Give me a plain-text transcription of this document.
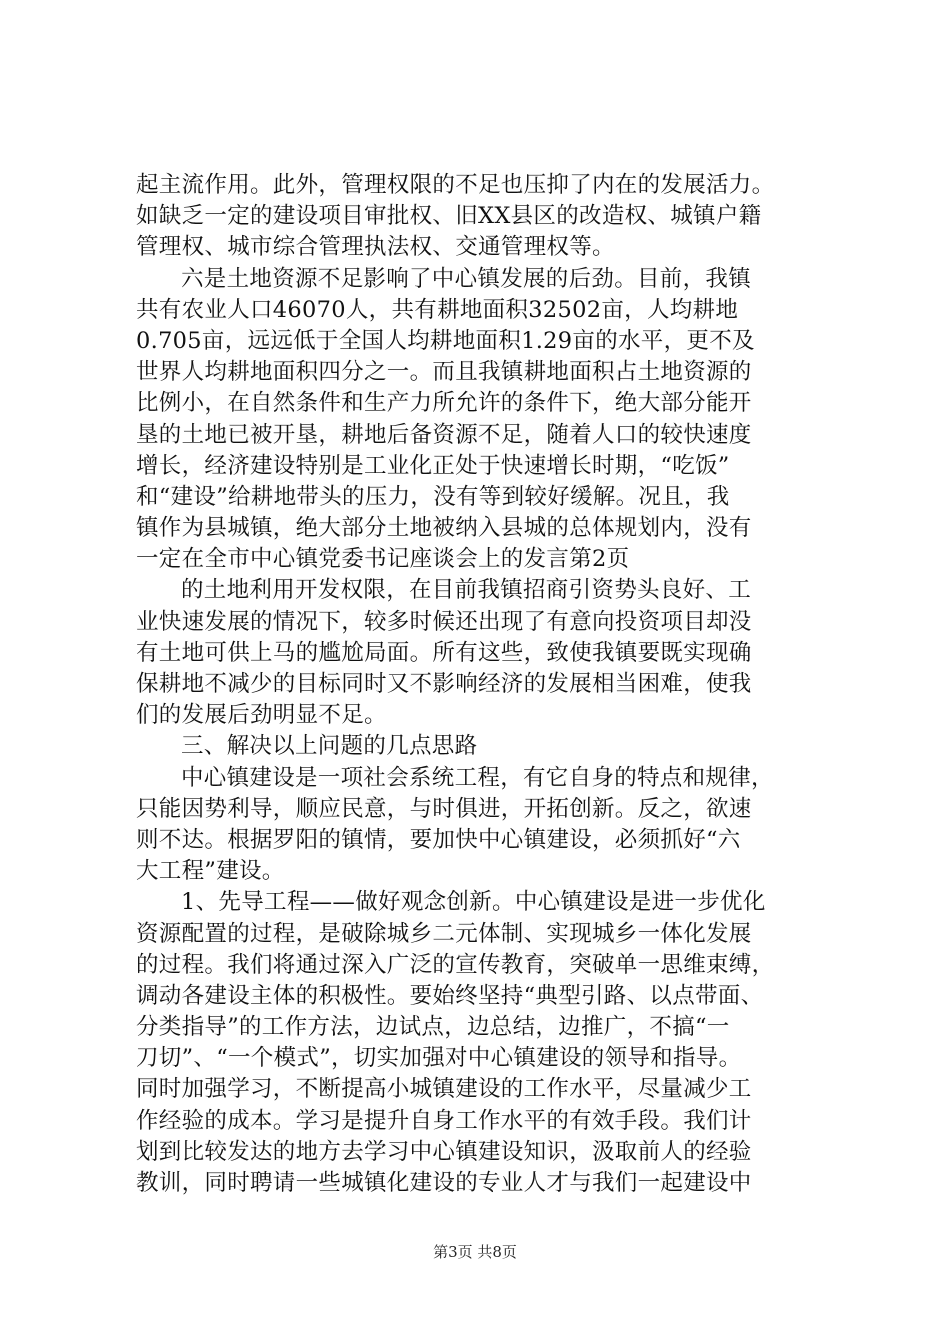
起主流作用。此外，管理权限的不足也压抑了内在的发展活力。
如缺乏一定的建设项目审批权、旧XX县区的改造权、城镇户籍
管理权、城市综合管理执法权、交通管理权等。
六是土地资源不足影响了中心镇发展的后劲。目前，我镇
共有农业人口46070人，共有耕地面积32502亩，人均耕地
0.705亩，远远低于全国人均耕地面积1.29亩的水平，更不及
世界人均耕地面积四分之一。而且我镇耕地面积占土地资源的
比例小，在自然条件和生产力所允许的条件下，绝大部分能开
垦的土地已被开垦，耕地后备资源不足，随着人口的较快速度
增长，经济建设特别是工业化正处于快速增长时期，“吃饭”
和“建设”给耕地带头的压力，没有等到较好缓解。况且，我
镇作为县城镇，绝大部分土地被纳入县城的总体规划内，没有
一定在全市中心镇党委书记座谈会上的发言第2页
的土地利用开发权限，在目前我镇招商引资势头良好、工
业快速发展的情况下，较多时候还出现了有意向投资项目却没
有土地可供上马的尴尬局面。所有这些，致使我镇要既实现确
保耕地不减少的目标同时又不影响经济的发展相当困难，使我
们的发展后劲明显不足。
三、解决以上问题的几点思路
中心镇建设是一项社会系统工程，有它自身的特点和规律，
只能因势利导，顺应民意，与时俱进，开拓创新。反之，欲速
则不达。根据罗阳的镇情，要加快中心镇建设，必须抓好“六
大工程”建设。
1、先导工程——做好观念创新。中心镇建设是进一步优化
资源配置的过程，是破除城乡二元体制、实现城乡一体化发展
的过程。我们将通过深入广泛的宣传教育，突破单一思维束缚，
调动各建设主体的积极性。要始终坚持“典型引路、以点带面、
分类指导”的工作方法，边试点，边总结，边推广，不搞“一
刀切”、“一个模式”，切实加强对中心镇建设的领导和指导。
同时加强学习，不断提高小城镇建设的工作水平，尽量减少工
作经验的成本。学习是提升自身工作水平的有效手段。我们计
划到比较发达的地方去学习中心镇建设知识，汲取前人的经验
教训，同时聘请一些城镇化建设的专业人才与我们一起建设中
第3页 共8页
